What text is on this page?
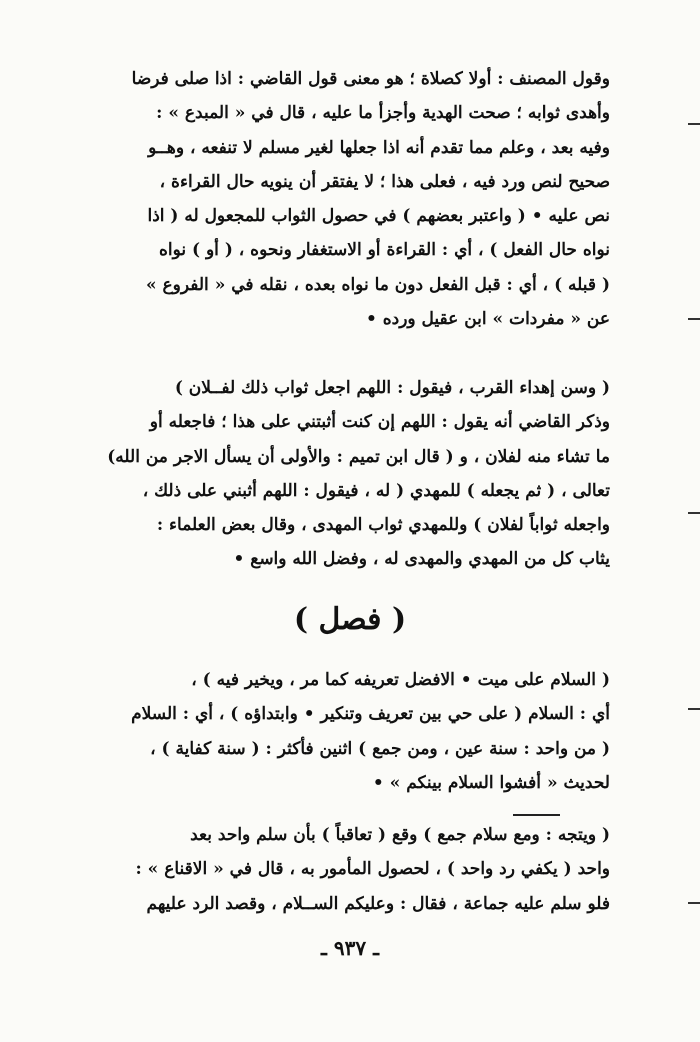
وقول المصنف : أولا كصلاة ؛ هو معنى قول القاضي : اذا صلى فرضا
وأهدى ثوابه ؛ صحت الهدية وأجزأ ما عليه ، قال في « المبدع » :
وفيه بعد ، وعلم مما تقدم أنه اذا جعلها لغير مسلم لا تنفعه ، وهــو
صحيح لنص ورد فيه ، فعلى هذا ؛ لا يفتقر أن ينويه حال القراءة ،
نص عليه • ( واعتبر بعضهم ) في حصول الثواب للمجعول له ( اذا
نواه حال الفعل ) ، أي : القراءة أو الاستغفار ونحوه ، ( أو ) نواه
( قبله ) ، أي : قبل الفعل دون ما نواه بعده ، نقله في « الفروع »
عن « مفردات » ابن عقيل ورده •
( وسن إهداء القرب ، فيقول : اللهم اجعل ثواب ذلك لفــلان )
وذكر القاضي أنه يقول : اللهم إن كنت أثبتني على هذا ؛ فاجعله أو
ما تشاء منه لفلان ، و ( قال ابن تميم : والأولى أن يسأل الاجر من الله)
تعالى ، ( ثم يجعله ) للمهدي ( له ، فيقول : اللهم أثبني على ذلك ،
واجعله ثواباً لفلان ) وللمهدي ثواب المهدى ، وقال بعض العلماء :
يثاب كل من المهدي والمهدى له ، وفضل الله واسع •
( فصل )
( السلام على ميت • الافضل تعريفه كما مر ، ويخير فيه ) ،
أي : السلام ( على حي بين تعريف وتنكير • وابتداؤه ) ، أي : السلام
( من واحد : سنة عين ، ومن جمع ) اثنين فأكثر : ( سنة كفاية ) ،
لحديث « أفشوا السلام بينكم » •
( ويتجه : ومع سلام جمع ) وقع ( تعاقباً ) بأن سلم واحد بعد
واحد ( يكفي رد واحد ) ، لحصول المأمور به ، قال في « الاقناع » :
فلو سلم عليه جماعة ، فقال : وعليكم الســلام ، وقصد الرد عليهم
ـ ٩٣٧ ـ
